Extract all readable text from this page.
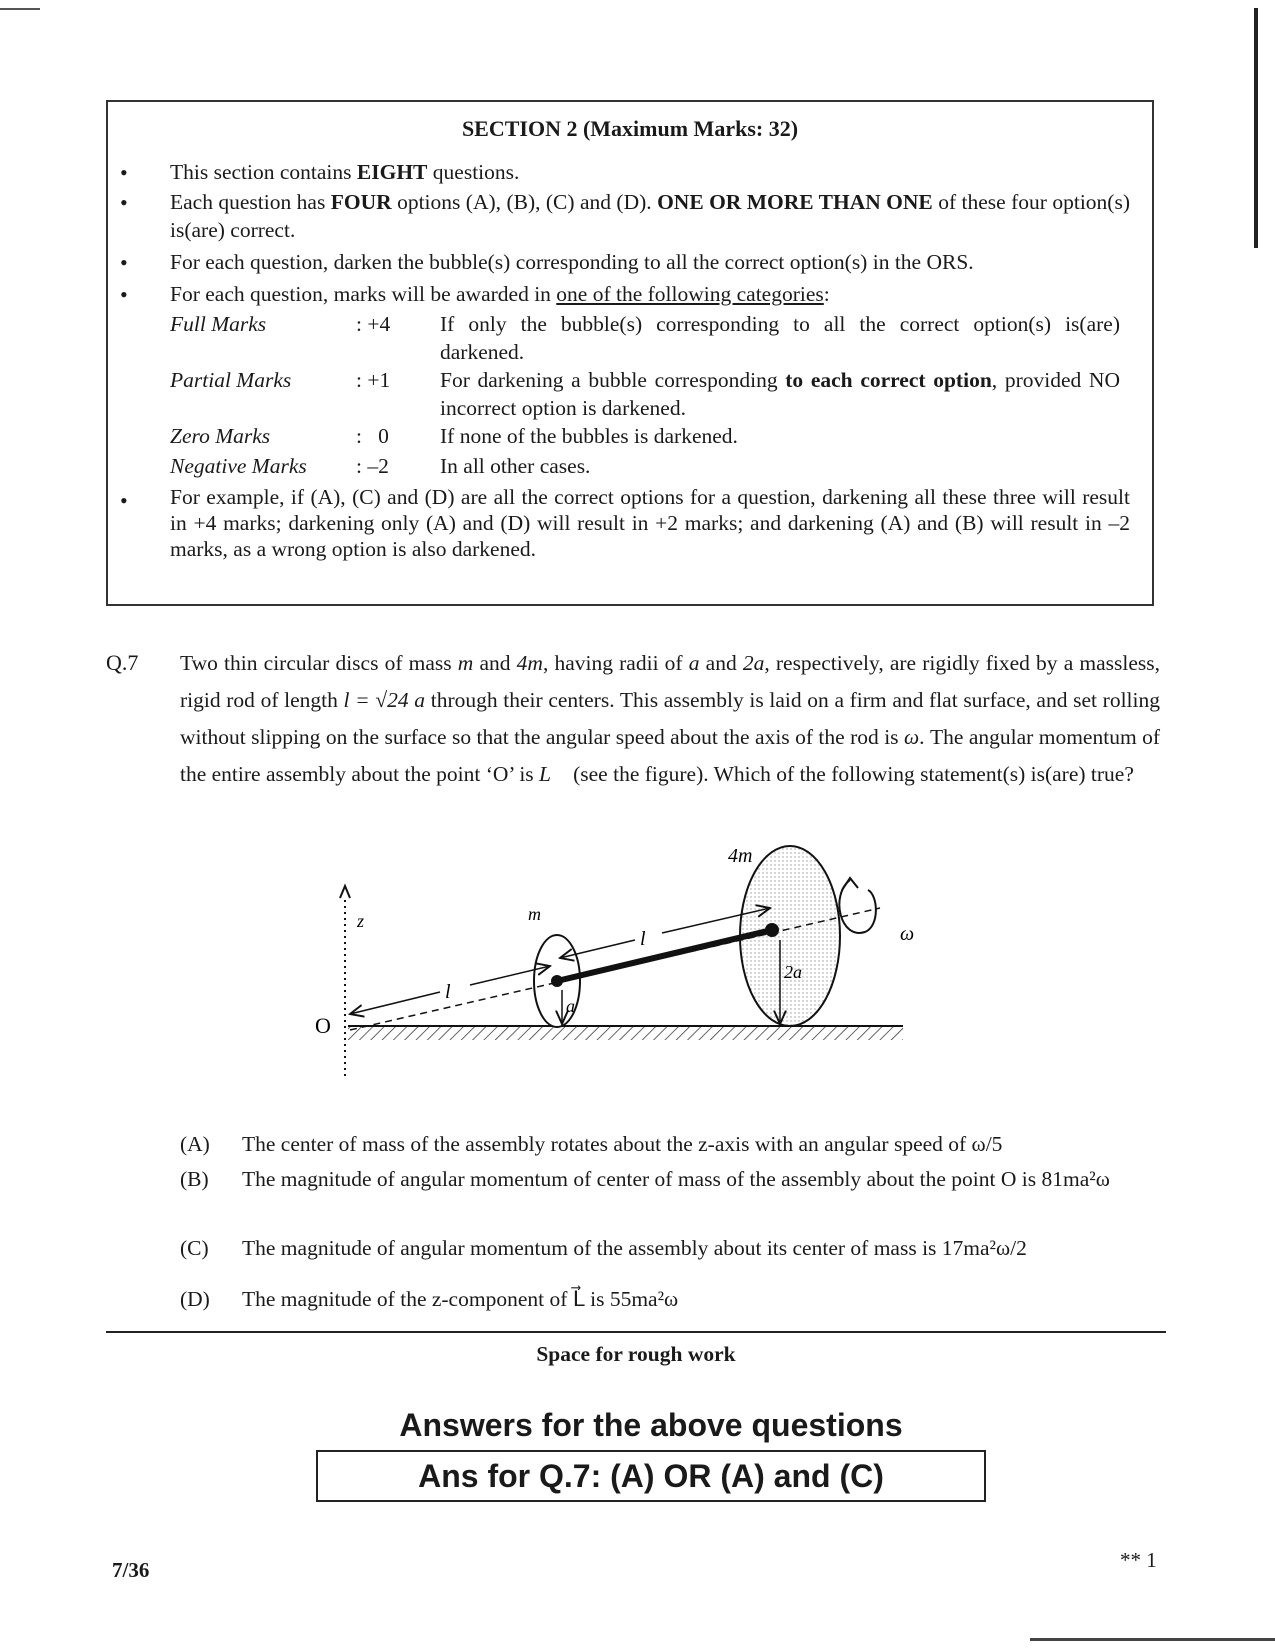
SECTION 2 (Maximum Marks: 32)
• This section contains EIGHT questions.
• Each question has FOUR options (A), (B), (C) and (D). ONE OR MORE THAN ONE of these four option(s) is(are) correct.
• For each question, darken the bubble(s) corresponding to all the correct option(s) in the ORS.
• For each question, marks will be awarded in one of the following categories:
Full Marks	: +4	If only the bubble(s) corresponding to all the correct option(s) is(are) darkened.
Partial Marks	: +1	For darkening a bubble corresponding to each correct option, provided NO incorrect option is darkened.
Zero Marks	:   0	If none of the bubbles is darkened.
Negative Marks : –2	In all other cases.
• For example, if (A), (C) and (D) are all the correct options for a question, darkening all these three will result in +4 marks; darkening only (A) and (D) will result in +2 marks; and darkening (A) and (B) will result in –2 marks, as a wrong option is also darkened.
Q.7 Two thin circular discs of mass m and 4m, having radii of a and 2a, respectively, are rigidly fixed by a massless, rigid rod of length l = √24 a through their centers. This assembly is laid on a firm and flat surface, and set rolling without slipping on the surface so that the angular speed about the axis of the rod is ω. The angular momentum of the entire assembly about the point ‘O’ is L⃗ (see the figure). Which of the following statement(s) is(are) true?
z
O
4m
m
l
l
a
2a
ω
(A) The center of mass of the assembly rotates about the z-axis with an angular speed of ω/5
(B) The magnitude of angular momentum of center of mass of the assembly about the point O is 81ma²ω
(C) The magnitude of angular momentum of the assembly about its center of mass is 17ma²ω/2
(D) The magnitude of the z-component of L⃗ is 55ma²ω
Space for rough work
Answers for the above questions
Ans for Q.7: (A) OR (A) and (C)
7/36	** 1
